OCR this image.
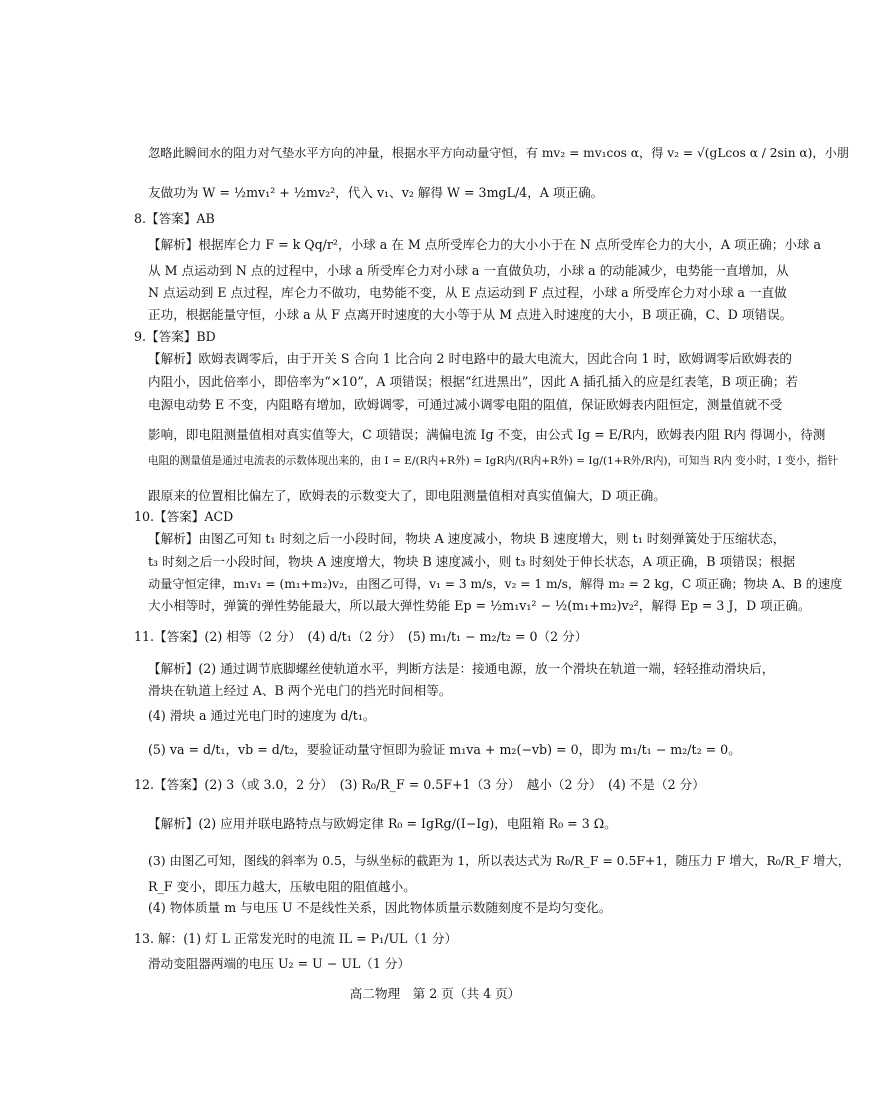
忽略此瞬间水的阻力对气垫水平方向的冲量，根据水平方向动量守恒，有 mv₂ = mv₁cos α，得 v₂ = √(gLcos α / 2sin α)，小朋
友做功为 W = ½mv₁² + ½mv₂²，代入 v₁、v₂ 解得 W = 3mgL/4，A 项正确。
8.【答案】AB
【解析】根据库仑力 F = k Qq/r²，小球 a 在 M 点所受库仑力的大小小于在 N 点所受库仑力的大小，A 项正确；小球 a
从 M 点运动到 N 点的过程中，小球 a 所受库仑力对小球 a 一直做负功，小球 a 的动能减少，电势能一直增加，从
N 点运动到 E 点过程，库仑力不做功，电势能不变，从 E 点运动到 F 点过程，小球 a 所受库仑力对小球 a 一直做
正功，根据能量守恒，小球 a 从 F 点离开时速度的大小等于从 M 点进入时速度的大小，B 项正确，C、D 项错误。
9.【答案】BD
【解析】欧姆表调零后，由于开关 S 合向 1 比合向 2 时电路中的最大电流大，因此合向 1 时，欧姆调零后欧姆表的
内阻小，因此倍率小，即倍率为“×10”，A 项错误；根据“红进黑出”，因此 A 插孔插入的应是红表笔，B 项正确；若
电源电动势 E 不变，内阻略有增加，欧姆调零，可通过减小调零电阻的阻值，保证欧姆表内阻恒定，测量值就不受
影响，即电阻测量值相对真实值等大，C 项错误；满偏电流 Ig 不变，由公式 Ig = E/R内，欧姆表内阻 R内 得调小，待测
电阻的测量值是通过电流表的示数体现出来的，由 I = E/(R内+R外) = IgR内/(R内+R外) = Ig/(1+R外/R内)，可知当 R内 变小时，I 变小，指针
跟原来的位置相比偏左了，欧姆表的示数变大了，即电阻测量值相对真实值偏大，D 项正确。
10.【答案】ACD
【解析】由图乙可知 t₁ 时刻之后一小段时间，物块 A 速度减小，物块 B 速度增大，则 t₁ 时刻弹簧处于压缩状态，
t₃ 时刻之后一小段时间，物块 A 速度增大，物块 B 速度减小，则 t₃ 时刻处于伸长状态，A 项正确，B 项错误；根据
动量守恒定律，m₁v₁ = (m₁+m₂)v₂，由图乙可得，v₁ = 3 m/s，v₂ = 1 m/s，解得 m₂ = 2 kg，C 项正确；物块 A、B 的速度
大小相等时，弹簧的弹性势能最大，所以最大弹性势能 Ep = ½m₁v₁² − ½(m₁+m₂)v₂²，解得 Ep = 3 J，D 项正确。
11.【答案】(2) 相等（2 分）　(4) d/t₁（2 分）　(5) m₁/t₁ − m₂/t₂ = 0（2 分）
【解析】(2) 通过调节底脚螺丝使轨道水平，判断方法是：接通电源，放一个滑块在轨道一端，轻轻推动滑块后，
滑块在轨道上经过 A、B 两个光电门的挡光时间相等。
(4) 滑块 a 通过光电门时的速度为 d/t₁。
(5) va = d/t₁，vb = d/t₂，要验证动量守恒即为验证 m₁va + m₂(−vb) = 0，即为 m₁/t₁ − m₂/t₂ = 0。
12.【答案】(2) 3（或 3.0，2 分）　(3) R₀/R_F = 0.5F+1（3 分）　越小（2 分）　(4) 不是（2 分）
【解析】(2) 应用并联电路特点与欧姆定律 R₀ = IgRg/(I−Ig)，电阻箱 R₀ = 3 Ω。
(3) 由图乙可知，图线的斜率为 0.5，与纵坐标的截距为 1，所以表达式为 R₀/R_F = 0.5F+1，随压力 F 增大，R₀/R_F 增大，
R_F 变小，即压力越大，压敏电阻的阻值越小。
(4) 物体质量 m 与电压 U 不是线性关系，因此物体质量示数随刻度不是均匀变化。
13. 解：(1) 灯 L 正常发光时的电流 IL = P₁/UL（1 分）
滑动变阻器两端的电压 U₂ = U − UL（1 分）
高二物理　第 2 页（共 4 页）
